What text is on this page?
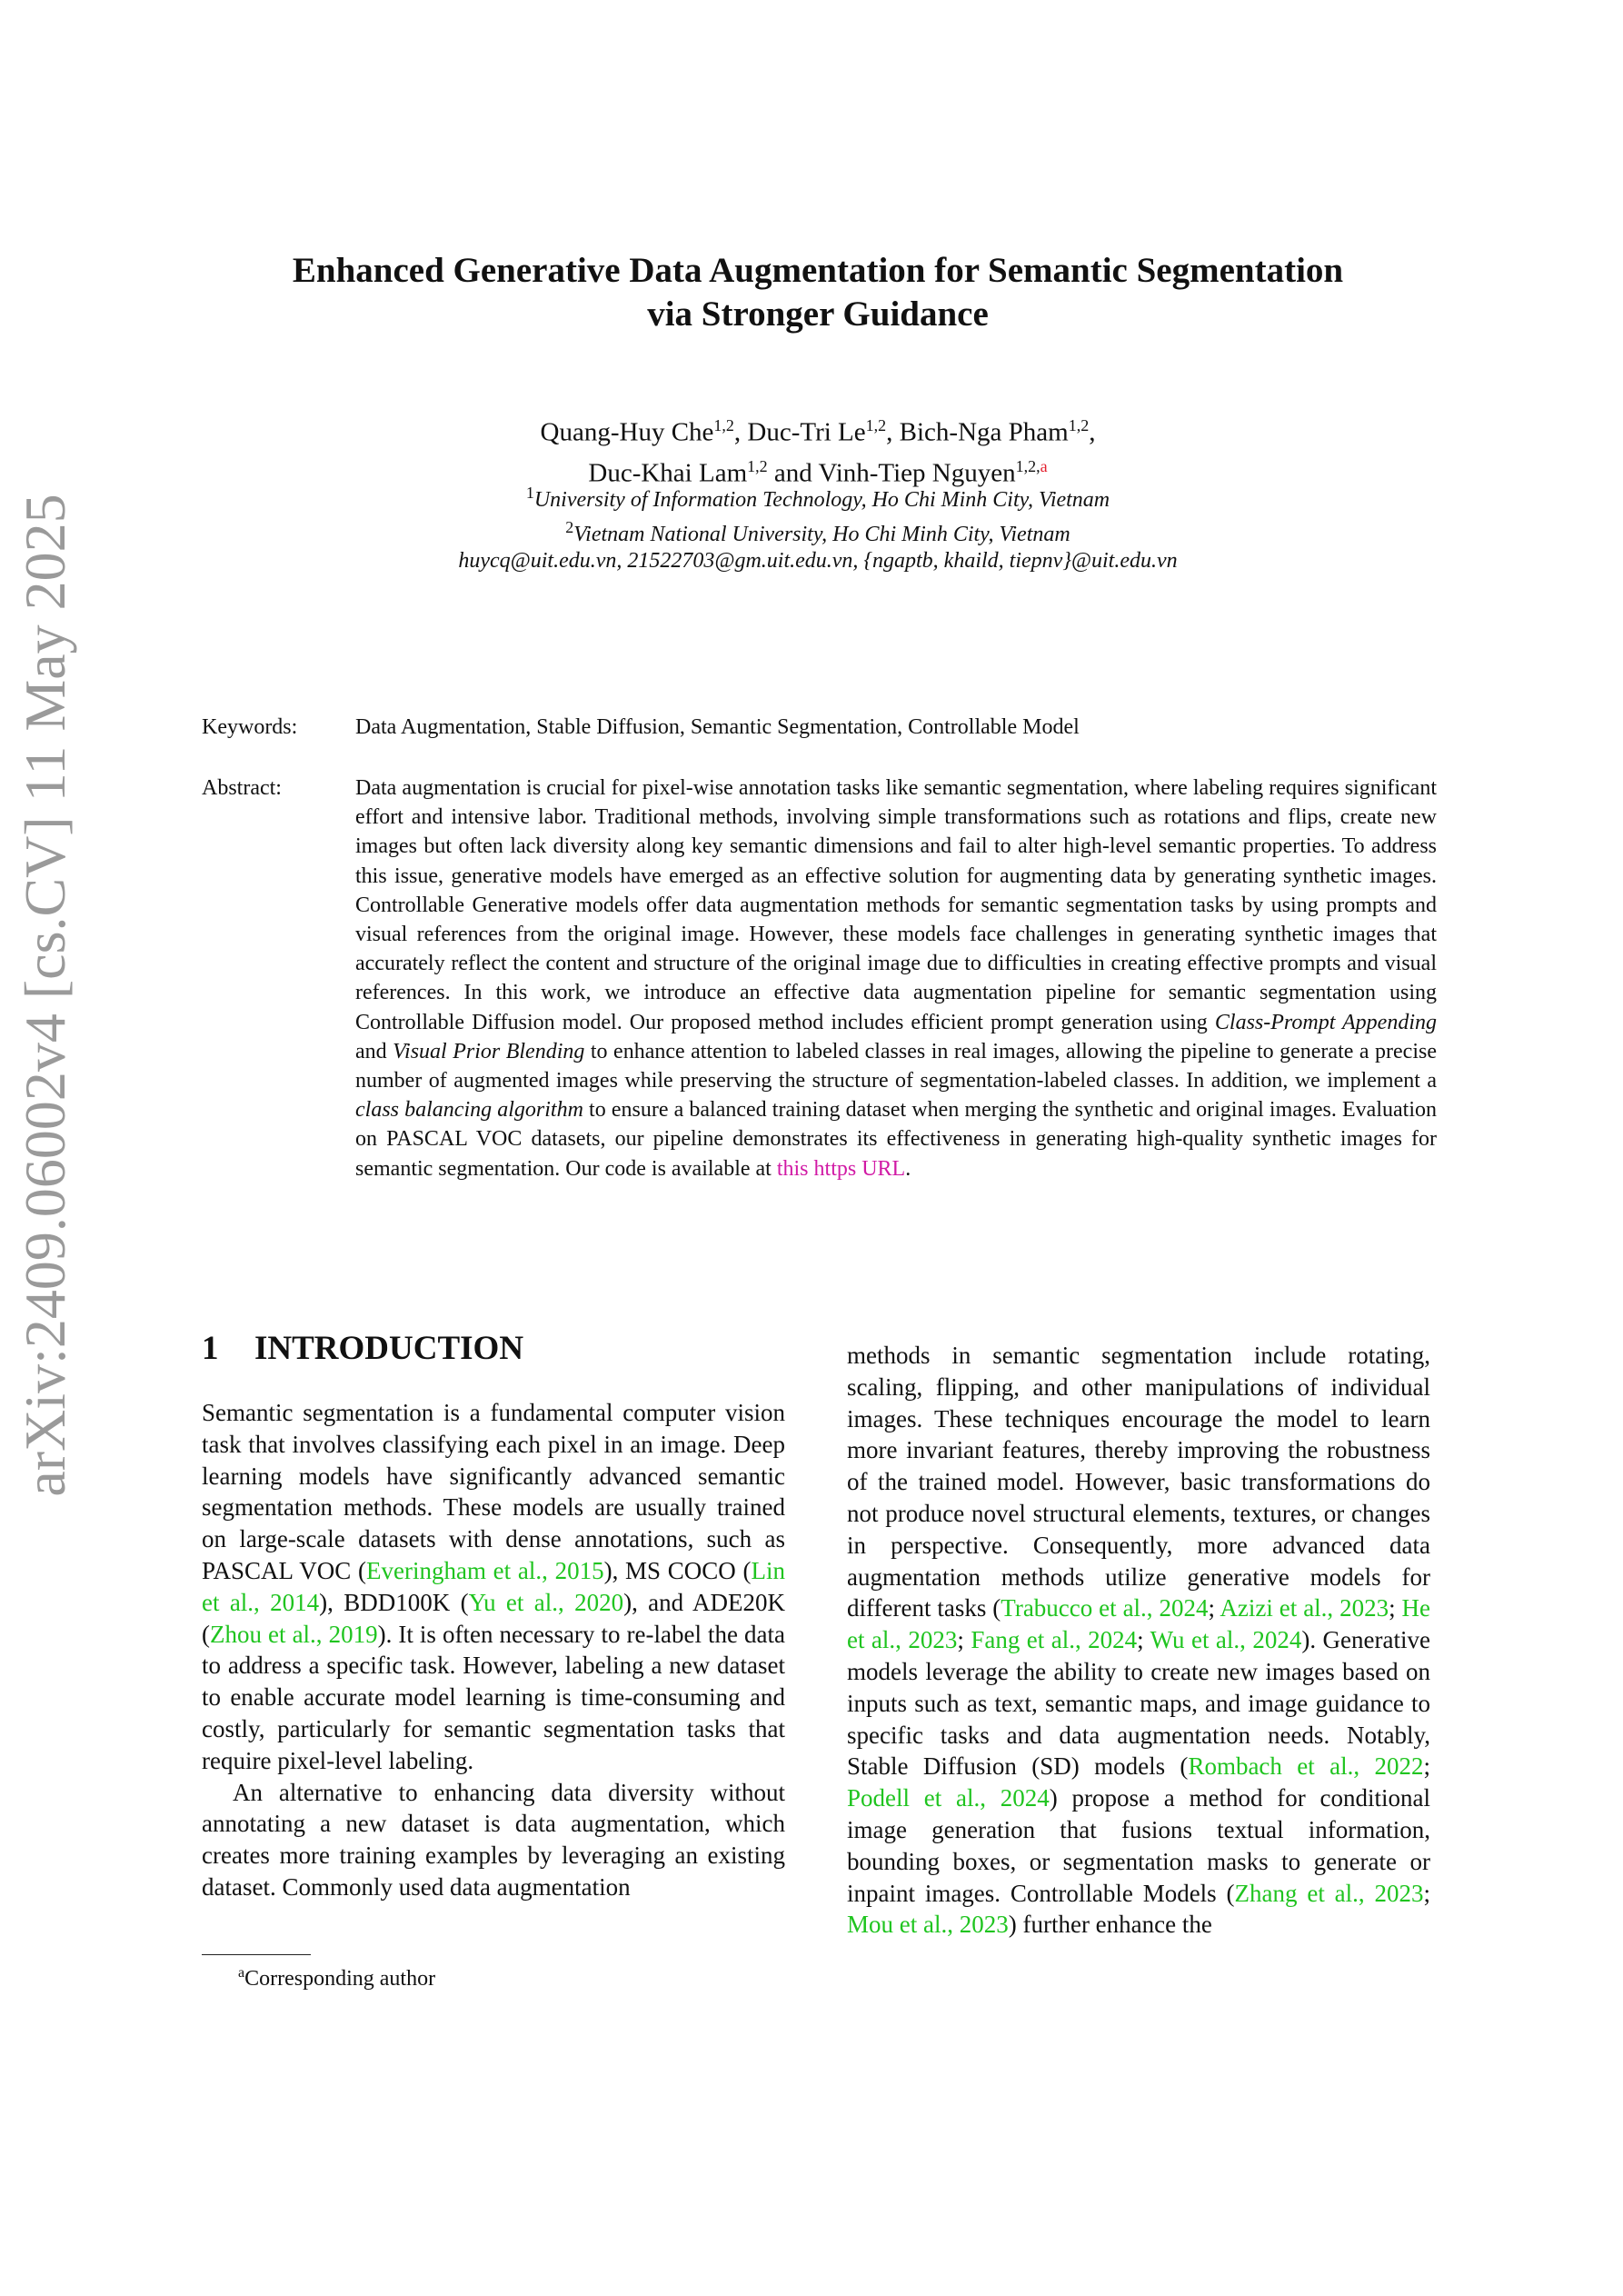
arXiv:2409.06002v4 [cs.CV] 11 May 2025
Enhanced Generative Data Augmentation for Semantic Segmentation
via Stronger Guidance
Quang-Huy Che$^{1,2}$, Duc-Tri Le$^{1,2}$, Bich-Nga Pham$^{1,2}$,
Duc-Khai Lam$^{1,2}$ and Vinh-Tiep Nguyen$^{1,2,a}$
$^1$University of Information Technology, Ho Chi Minh City, Vietnam
$^2$Vietnam National University, Ho Chi Minh City, Vietnam
huycq@uit.edu.vn, 21522703@gm.uit.edu.vn, {ngaptb, khaild, tiepnv}@uit.edu.vn
Keywords:	Data Augmentation, Stable Diffusion, Semantic Segmentation, Controllable Model
Abstract:	Data augmentation is crucial for pixel-wise annotation tasks like semantic segmentation, where labeling requires significant effort and intensive labor. Traditional methods, involving simple transformations such as rotations and flips, create new images but often lack diversity along key semantic dimensions and fail to alter high-level semantic properties. To address this issue, generative models have emerged as an effective solution for augmenting data by generating synthetic images. Controllable Generative models offer data augmentation methods for semantic segmentation tasks by using prompts and visual references from the original image. However, these models face challenges in generating synthetic images that accurately reflect the content and structure of the original image due to difficulties in creating effective prompts and visual references. In this work, we introduce an effective data augmentation pipeline for semantic segmentation using Controllable Diffusion model. Our proposed method includes efficient prompt generation using Class-Prompt Appending and Visual Prior Blending to enhance attention to labeled classes in real images, allowing the pipeline to generate a precise number of augmented images while preserving the structure of segmentation-labeled classes. In addition, we implement a class balancing algorithm to ensure a balanced training dataset when merging the synthetic and original images. Evaluation on PASCAL VOC datasets, our pipeline demonstrates its effectiveness in generating high-quality synthetic images for semantic segmentation. Our code is available at this https URL.
1 INTRODUCTION

Semantic segmentation is a fundamental computer vision task that involves classifying each pixel in an image. Deep learning models have significantly advanced semantic segmentation methods. These models are usually trained on large-scale datasets with dense annotations, such as PASCAL VOC (Everingham et al., 2015), MS COCO (Lin et al., 2014), BDD100K (Yu et al., 2020), and ADE20K (Zhou et al., 2019). It is often necessary to re-label the data to address a specific task. However, labeling a new dataset to enable accurate model learning is time-consuming and costly, particularly for semantic segmentation tasks that require pixel-level labeling.

An alternative to enhancing data diversity without annotating a new dataset is data augmentation, which creates more training examples by leveraging an existing dataset. Commonly used data augmentation

methods in semantic segmentation include rotating, scaling, flipping, and other manipulations of individual images. These techniques encourage the model to learn more invariant features, thereby improving the robustness of the trained model. However, basic transformations do not produce novel structural elements, textures, or changes in perspective. Consequently, more advanced data augmentation methods utilize generative models for different tasks (Trabucco et al., 2024; Azizi et al., 2023; He et al., 2023; Fang et al., 2024; Wu et al., 2024). Generative models leverage the ability to create new images based on inputs such as text, semantic maps, and image guidance to specific tasks and data augmentation needs. Notably, Stable Diffusion (SD) models (Rombach et al., 2022; Podell et al., 2024) propose a method for conditional image generation that fusions textual information, bounding boxes, or segmentation masks to generate or inpaint images. Controllable Models (Zhang et al., 2023; Mou et al., 2023) further enhance the

$^a$Corresponding author
